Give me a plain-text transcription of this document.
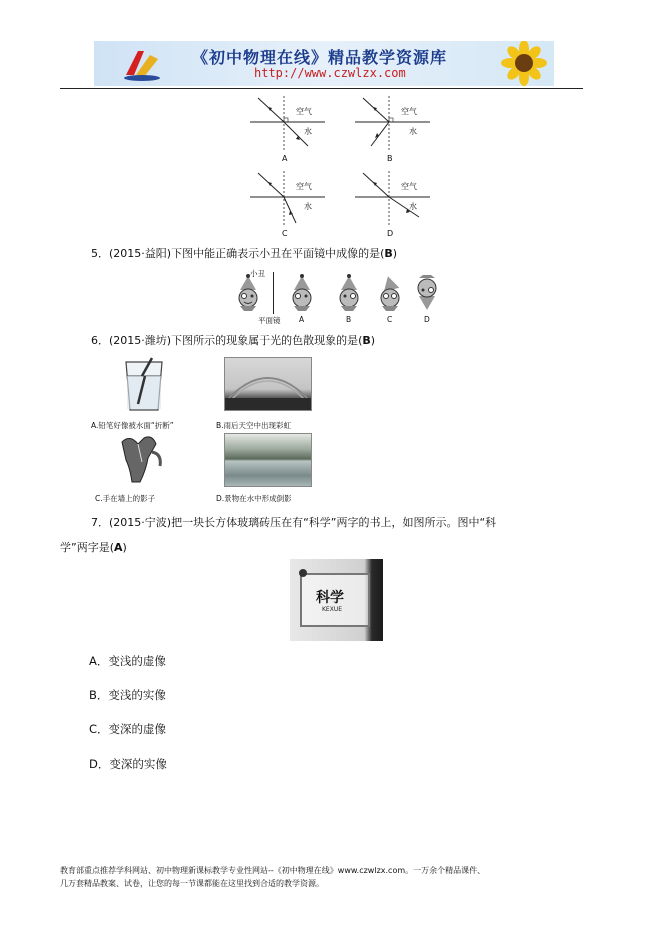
《初中物理在线》精品教学资源库
http://www.czwlzx.com
空气
水
A
空气
水
B
空气
水
C
空气
水
D
5．(2015·益阳)下图中能正确表示小丑在平面镜中成像的是(B)
小丑
平面镜 A	B	C	D
6．(2015·潍坊)下图所示的现象属于光的色散现象的是(B)
A.铅笔好像被水面“折断”	B.雨后天空中出现彩虹
C.手在墙上的影子	D.景物在水中形成倒影
7．(2015·宁波)把一块长方体玻璃砖压在有“科学”两字的书上，如图所示。图中“科
学”两字是(A)
科学
KEXUE
A．变浅的虚像
B．变浅的实像
C．变深的虚像
D．变深的实像
教育部重点推荐学科网站、初中物理新课标教学专业性网站--《初中物理在线》www.czwlzx.com。一万余个精品课件、
几万套精品教案、试卷，让您的每一节课都能在这里找到合适的教学资源。
